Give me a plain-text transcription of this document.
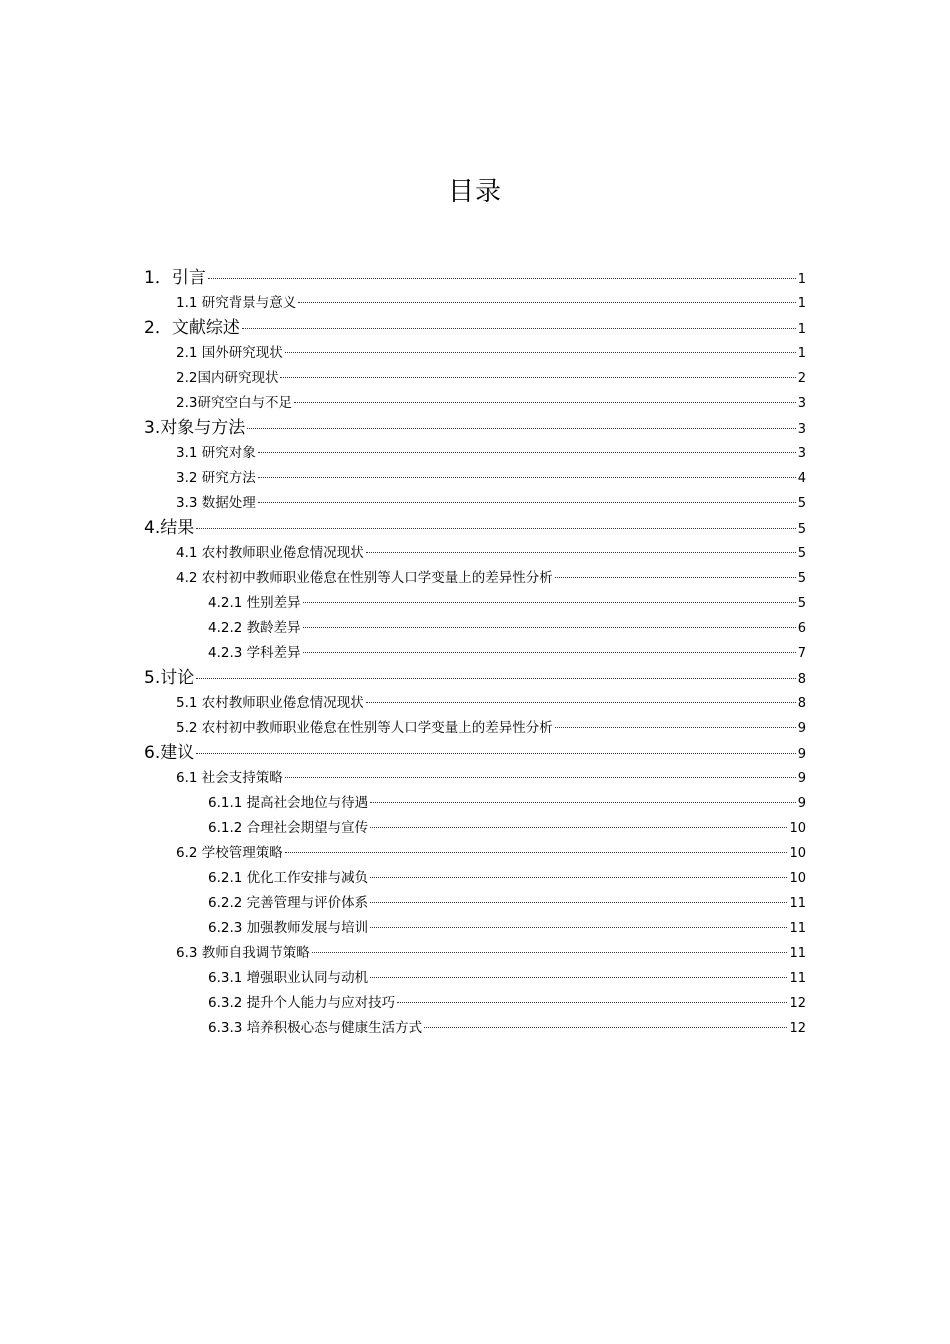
目录
1．引言	1
1.1 研究背景与意义	1
2．文献综述	1
2.1 国外研究现状	1
2.2国内研究现状	2
2.3研究空白与不足	3
3.对象与方法	3
3.1 研究对象	3
3.2 研究方法	4
3.3 数据处理	5
4.结果	5
4.1 农村教师职业倦怠情况现状	5
4.2 农村初中教师职业倦怠在性别等人口学变量上的差异性分析	5
4.2.1 性别差异	5
4.2.2 教龄差异	6
4.2.3 学科差异	7
5.讨论	8
5.1 农村教师职业倦怠情况现状	8
5.2 农村初中教师职业倦怠在性别等人口学变量上的差异性分析	9
6.建议	9
6.1 社会支持策略	9
6.1.1 提高社会地位与待遇	9
6.1.2 合理社会期望与宣传	10
6.2 学校管理策略	10
6.2.1 优化工作安排与减负	10
6.2.2 完善管理与评价体系	11
6.2.3 加强教师发展与培训	11
6.3 教师自我调节策略	11
6.3.1 增强职业认同与动机	11
6.3.2 提升个人能力与应对技巧	12
6.3.3 培养积极心态与健康生活方式	12
